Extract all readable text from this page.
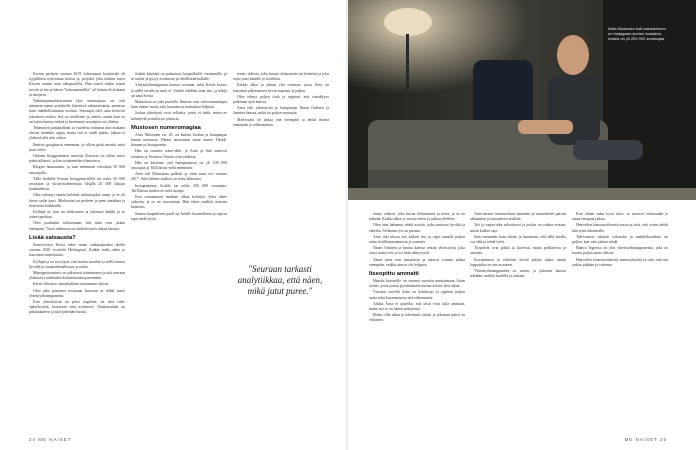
Kerran perheen vuonna 2019 valmistanut koulutetki oli tyypillinen nykyomaa hotissi ja, projekti, joka tekikin myös Kerran omaan auto ulkopuolella. Hän toimii mikin toimii tavoin ja hin ja hänen "kohtaamiselilla" oli lohtan eli kohtaan ja meijerin.

Vaikuttajamarkkinoinnin yksi onnistujasta on, että aiemmin ennen yritykselle käytettyä valinnaisuutta, monessa kuin mahdollisimman avointa. Seuraajat edes aina kertovat jokaiseen rooliin, että on tavallinen ja valmis, mutta kuin se on toisin kanssa tärkeä ja luottamus seuraajiin voi ollakin.

Tekemisen päätäpallaan ja vuodesta toiminut niin mukana olevaa tietenkin oppia, mutta sitä ei vaadi pakko, jaksaa ei yhdessä olla niin vahva.

Ihmiset googlaavat enemmän, ja silloin pitää miettiä, mitä juuri tekee.

Osittain bloggaamisen ansiosta Kerrasta on tullut myös pääasiallisesti, ja hän työskentelee tilanteessa.

Blogini haunauttiin, ja sain enemmän vierailuja 50 000 seuraajalla.

Tällä hetkellä Kerran Instagram-tilillä on reilut 25 000 seuraajaa ja yksityisvalmentaja bloglla 20 000 lukijaa kuukaudessa.

Olen yrittänyt tämän kehittää vaikuttajaksi omaa, ja se oli hieno vaihe juuri. Mielessäni on perheen ja pieni maailma ja luotettava kaikkialla.

Kylläpä se, kun on tiedostanut ja tykännyt kaikki ja se sitten tapahtuu.

Olen jouduttiin valitsemaan, että mitä voin jatkaa eteenpäin. Tässä vaiheessa on tärkeää myös näkyä kuvina.

Lisää satsausta?

Somevyöryn Kertta tekee oman vaikuttajuuden ohella vuonna 2020 sivutöitä Helsingissä. Kaikki mikä tukee ja kasvattaa tunnettuutta.

Kylläpä ja on tosi hyvä, että tarttuu asioihin ja siellä tuntuu hyvältä ja suunnitelmallisuus ja rauha.

Manageritoiminta on jatkuvasti toiminnassa ja sitä seuraan yhdessä ja tarkkailen kokonaisuutta paremmin.

Kertta libraarry sataaskallaan suuremmin olevaa.

Olisi aika panostaa tosissaan kasvuun ja tehdä uusia yhteistyökumppaneita.

Kun yhteistyöstä on pieni ongelma, tai siitä tulee epäselvyyttä, kerrotaan siitä avoimesti. Asiakassuhde on pitkäaikainen ja siitä pidetään huolta.

Jonkin käyttäjä on palautusta kaupallisille viestinnälle, ja se toimii ja pysyy avoimena ja rehellisenä kaikille.

Yhteistyökumppanin kanssa sovitaan, mitä Kertta kertoo ja millä tavalla ja mitä ei. Sisältö tehdään aina itse, ja tekijä on aina Kertta.

Mainoksia on joka puolella. Ihmiset ovat valveutuneempia kuin ennen, mutta silti huomaavat mainoksia helposti.

Joskus yhteistyöt ovat sellaisia, joista ei tiedä, miten ne kehittyvät ja mihin ne johtavat.

Mustosen numeromagiaa

Artta Mustonen on, 29, on kanssa koulun ja kampanjan kautta nousussa. Hänen ansiostaan moni tuntee Tiktok-kunnan ja Instagramin.

Hän on suosittu some-tähti, ja Artta ja Sini tuntevat toisensa ja Veronica Vertoni ovat yhdessä.

Hän on kertonut, että Instagramissa on yli 100 000 seuraajaa ja TikTokissa vielä enemmän.

Artta tuli Mustarttaa palkitsi ja siinä suuri ero vuonna 2017. Siitä lähtien sisältöä on tehty ahkerasti.

Instagramissa Artalla on reilut 200 000 seuraajaa. TikTokissa määrä on vielä isompi.

Kun somaaninen medium alkaa kehittyä, Artta tekee videoita, ja se on suosituinta. Hän tekee sisältöä useisiin kanaviin.

Somen kaupallinen puoli on Artalle luonnollinen ja sujuva tapa tehdä työtä.

rentty videota, joka kuvaa olohuonetta tai keittiötä ja joka sopii juuri hänelle ja sisältöön.

Kaikki alkoi ja jatkuu yhä somessa, jossa Artta on kasvanut julkisuuteen hyvin nopeasti ja paljon.

Olen tehnyt paljon töitä ja oppinut, että sinnikkyys palkitaan ajan kanssa.

Artta teki yhteistyötä ja kampanjaa Natan Onlinen ja Jannina kanssa, mikä toi paljon seuraajia.

Mielessäni oli jatkaa yhä eteenpäin ja tehdä entistä enemmän ja rohkeammin.

"Seuraan tarkasti analytiikkaa, että näen, mikä jutut puree."
24 ME NAISET
Artta Mustosen koti kalusteineen on Instagram-kuvien taustana. Artalla on yli 200 000 seuraajaa.

rentty videota, joka kuvaa olohuonetta ja kotia, ja se on tärkeää. Kaikki alkoi jo vuosia sitten ja jatkuu edelleen.

Olen aina halunnut tehdä asioita, jotka tuntuvat hyviltä ja oikeilta. Sellainen työ on parasta.

Artta teki alusta asti kaiken itse ja oppi samalla paljon uutta sisällöntuotannosta ja somesta.

Natan Onlinen ja Janina kanssa tehtiin yhteistyötä, joka avasi uusia ovia ja toi lisää näkyvyyttä.

Nämä jutut ovat innostavia ja antavat voimaa jatkaa eteenpäin, vaikka aina ei ole helppoa.

Itseopittu ammatti

Haaska kursseille on vuonna suosittu muuttamaan Artan työksi, jossa joutuu pyörittämään monia asioita yhtä aikaa.

Vuosien varrella Artta on kehittynyt ja oppinut paljon uutta sekä kuvaamisesta että editoinnista.

Aluksi Artta ei ajatellut, että tästä voisi tulla ammatti, mutta nyt se on hänen päätyönsä.

Ehdin ollla aikaa ja tekemistä riittää, ja jokainen päivä on erilainen.

Artta menee toimistollaan aamuisin ja suunnittelee päivän aikataulun ja kuvauksen sisällön.

Työ ja vapaa-aika sekoittuvat ja joskus on vaikea erottaa, missä kulkee raja.

Sain enemmän kuin odotin ja huomasin, että tällä tavalla voi elää ja tehdä työtä.

Työpäivät ovat pitkiä ja kiireisiä, mutta palkitsevia ja antoisia.

Kuvaaminen ja editointi vievät paljon aikaa, mutta lopputulos on sen arvoinen.

Yhteistyökumppaneita on useita, ja jokaisen kanssa tehdään sisältöä huolella ja tarkasti.

Kun ollaan saatu hyvä tulos, se motivoi entisestään ja antaa energiaa jatkaa.

Haaveilen kansainvälisestä urasta ja siitä, että voisin tehdä tätä työtä ulkomailla.

Tulevaisuus näyttää valoisalta ja mahdollisuuksia on paljon, kun vain jaksaa tehdä.

Blanca Ingresso on yksi yhteistyökumppaneista, joka on tuonut paljon uusia ideoita.

Haaveilen kansainvälisestä menestyksestä ja siitä, että ura jatkuu pitkään ja vahvana.

ME NAISET 25
